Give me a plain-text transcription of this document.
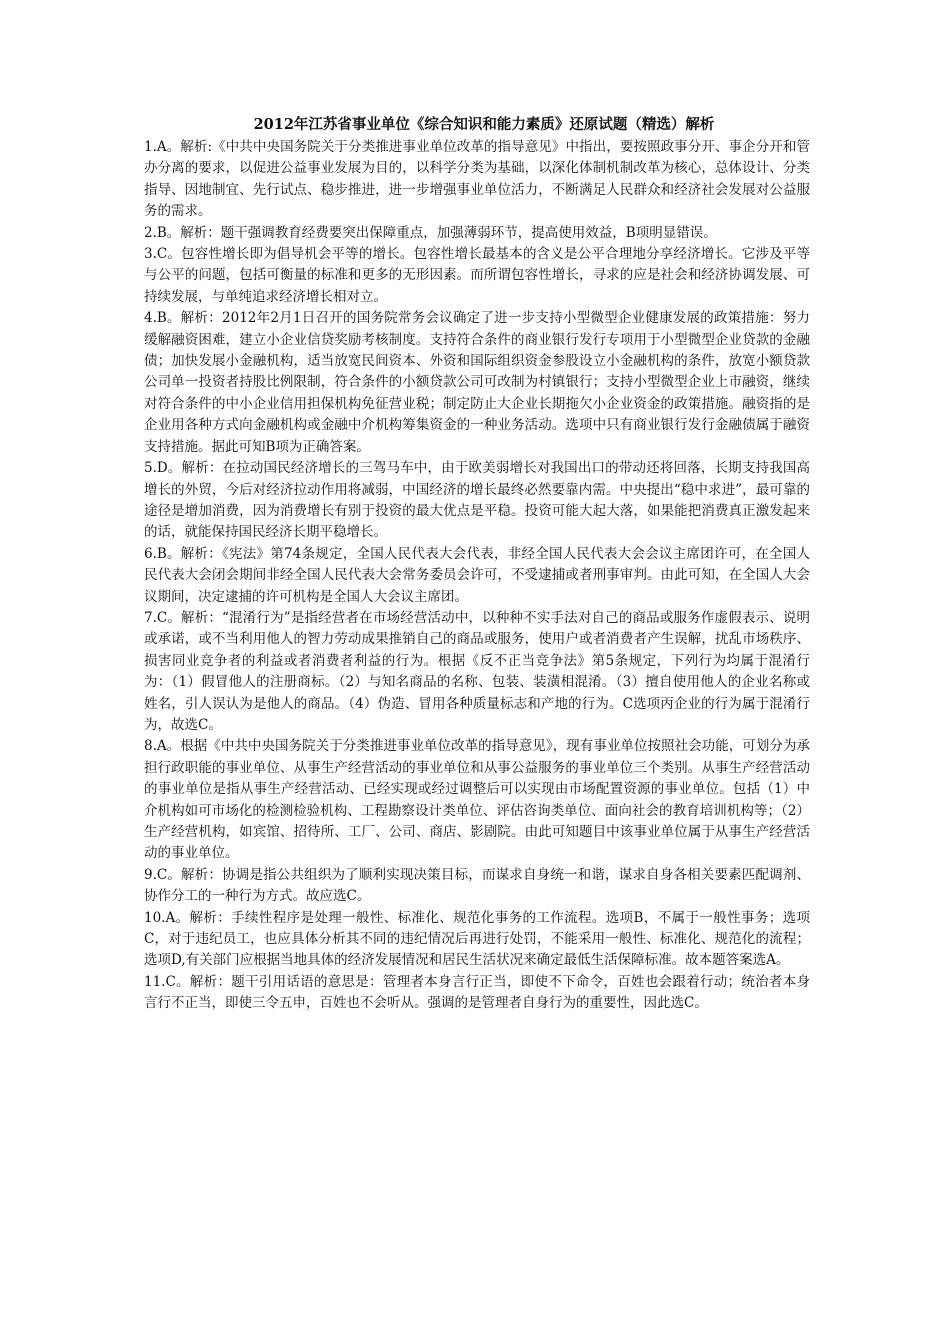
2012年江苏省事业单位《综合知识和能力素质》还原试题（精选）解析

1.A。解析:《中共中央国务院关于分类推进事业单位改革的指导意见》中指出，要按照政事分开、事企分开和管办分离的要求，以促进公益事业发展为目的，以科学分类为基础，以深化体制机制改革为核心，总体设计、分类指导、因地制宜、先行试点、稳步推进，进一步增强事业单位活力，不断满足人民群众和经济社会发展对公益服务的需求。

2.B。解析：题干强调教育经费要突出保障重点，加强薄弱环节，提高使用效益，B项明显错误。

3.C。包容性增长即为倡导机会平等的增长。包容性增长最基本的含义是公平合理地分享经济增长。它涉及平等与公平的问题，包括可衡量的标准和更多的无形因素。而所谓包容性增长，寻求的应是社会和经济协调发展、可持续发展，与单纯追求经济增长相对立。

4.B。解析：2012年2月1日召开的国务院常务会议确定了进一步支持小型微型企业健康发展的政策措施：努力缓解融资困难，建立小企业信贷奖励考核制度。支持符合条件的商业银行发行专项用于小型微型企业贷款的金融债；加快发展小金融机构，适当放宽民间资本、外资和国际组织资金参股设立小金融机构的条件，放宽小额贷款公司单一投资者持股比例限制，符合条件的小额贷款公司可改制为村镇银行；支持小型微型企业上市融资，继续对符合条件的中小企业信用担保机构免征营业税；制定防止大企业长期拖欠小企业资金的政策措施。融资指的是企业用各种方式向金融机构或金融中介机构筹集资金的一种业务活动。选项中只有商业银行发行金融债属于融资支持措施。据此可知B项为正确答案。

5.D。解析：在拉动国民经济增长的三驾马车中，由于欧美弱增长对我国出口的带动还将回落，长期支持我国高增长的外贸，今后对经济拉动作用将减弱，中国经济的增长最终必然要靠内需。中央提出“稳中求进”，最可靠的途径是增加消费，因为消费增长有别于投资的最大优点是平稳。投资可能大起大落，如果能把消费真正激发起来的话，就能保持国民经济长期平稳增长。

6.B。解析：《宪法》第74条规定，全国人民代表大会代表，非经全国人民代表大会会议主席团许可，在全国人民代表大会闭会期间非经全国人民代表大会常务委员会许可，不受逮捕或者刑事审判。由此可知，在全国人大会议期间，决定逮捕的许可机构是全国人大会议主席团。

7.C。解析：“混淆行为”是指经营者在市场经营活动中，以种种不实手法对自己的商品或服务作虚假表示、说明或承诺，或不当利用他人的智力劳动成果推销自己的商品或服务，使用户或者消费者产生误解，扰乱市场秩序、损害同业竞争者的利益或者消费者利益的行为。根据《反不正当竞争法》第5条规定，下列行为均属于混淆行为：（1）假冒他人的注册商标。（2）与知名商品的名称、包装、装潢相混淆。（3）擅自使用他人的企业名称或姓名，引人误认为是他人的商品。（4）伪造、冒用各种质量标志和产地的行为。C选项丙企业的行为属于混淆行为，故选C。

8.A。根据《中共中央国务院关于分类推进事业单位改革的指导意见》，现有事业单位按照社会功能，可划分为承担行政职能的事业单位、从事生产经营活动的事业单位和从事公益服务的事业单位三个类别。从事生产经营活动的事业单位是指从事生产经营活动、已经实现或经过调整后可以实现由市场配置资源的事业单位。包括（1）中介机构如可市场化的检测检验机构、工程勘察设计类单位、评估咨询类单位、面向社会的教育培训机构等；（2）生产经营机构，如宾馆、招待所、工厂、公司、商店、影剧院。由此可知题目中该事业单位属于从事生产经营活动的事业单位。

9.C。解析：协调是指公共组织为了顺利实现决策目标，而谋求自身统一和谐，谋求自身各相关要素匹配调剂、协作分工的一种行为方式。故应选C。

10.A。解析：手续性程序是处理一般性、标准化、规范化事务的工作流程。选项B，不属于一般性事务；选项C，对于违纪员工，也应具体分析其不同的违纪情况后再进行处罚，不能采用一般性、标准化、规范化的流程；选项D,有关部门应根据当地具体的经济发展情况和居民生活状况来确定最低生活保障标准。故本题答案选A。

11.C。解析：题干引用话语的意思是：管理者本身言行正当，即使不下命令，百姓也会跟着行动；统治者本身言行不正当，即使三令五申，百姓也不会听从。强调的是管理者自身行为的重要性，因此选C。
